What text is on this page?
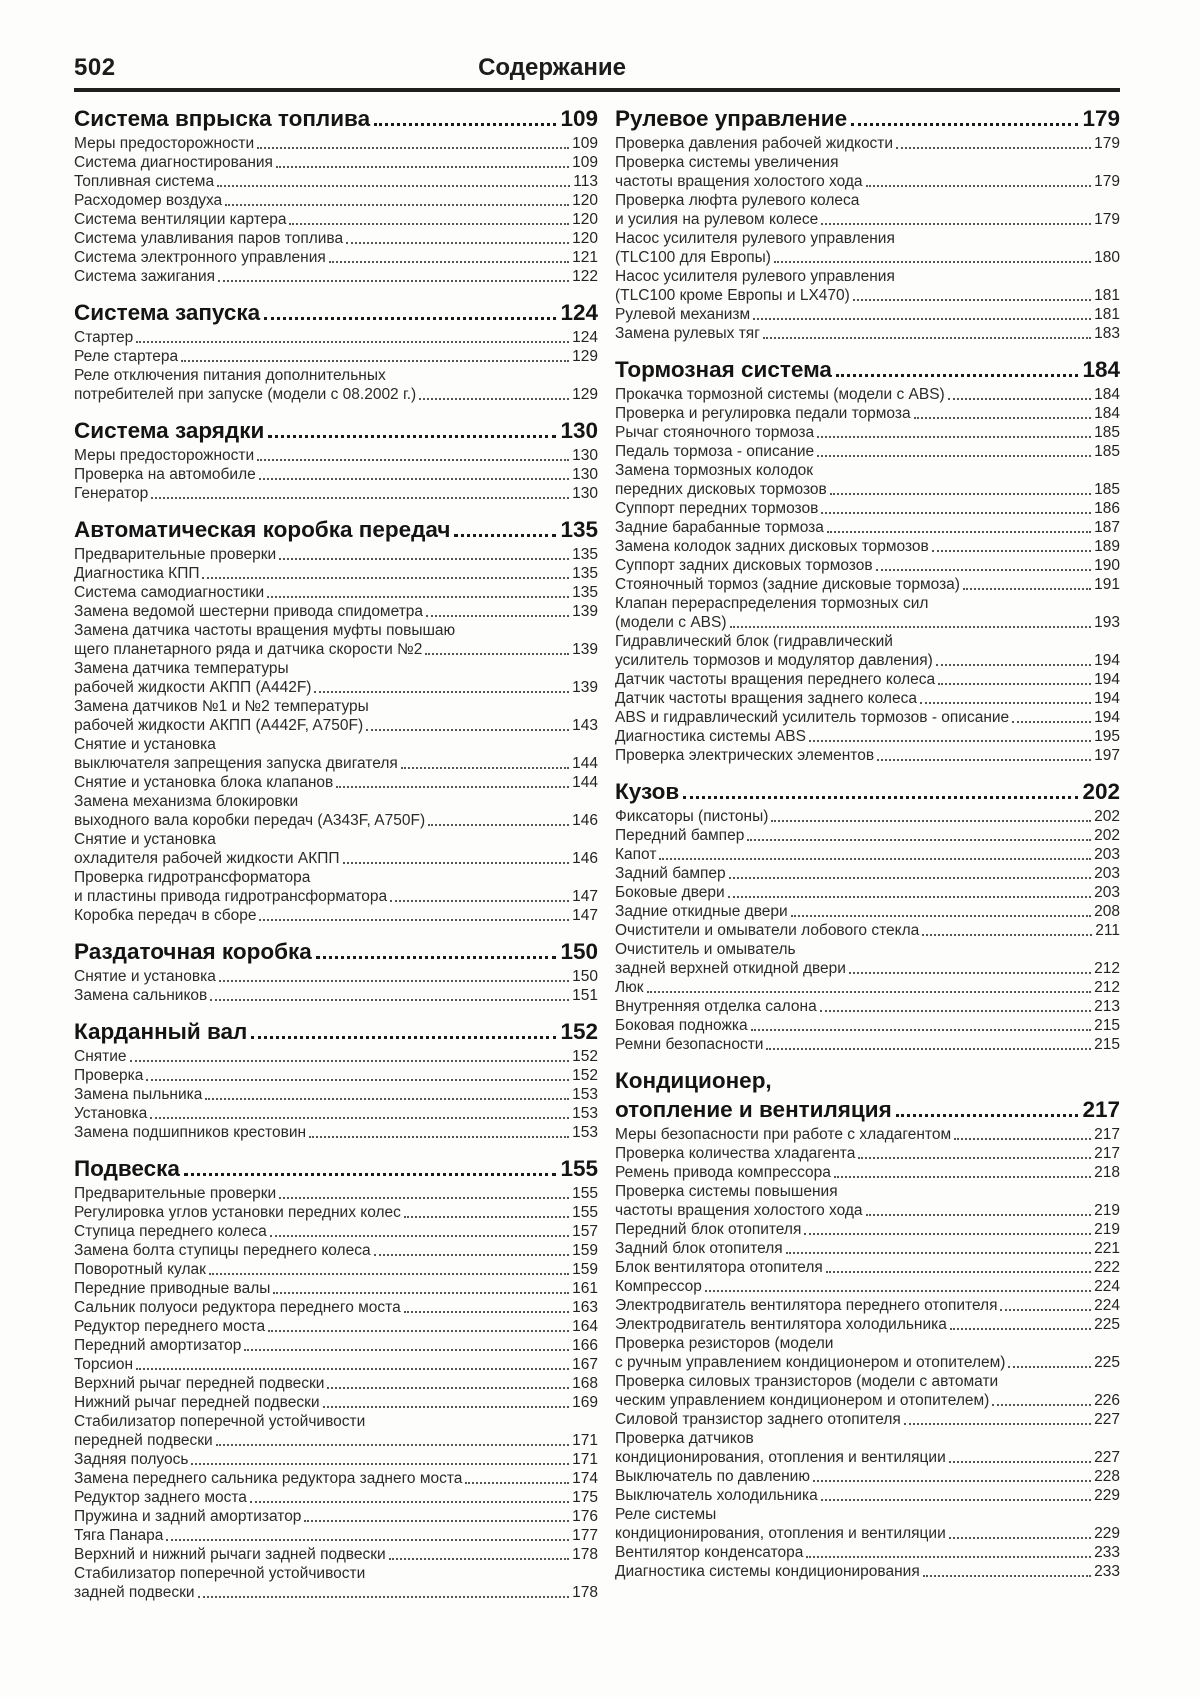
502	Содержание
Система впрыска топлива	109
Меры предосторожности	109
Система диагностирования	109
Топливная система	113
Расходомер воздуха	120
Система вентиляции картера	120
Система улавливания паров топлива	120
Система электронного управления	121
Система зажигания	122
Система запуска	124
Стартер	124
Реле стартера	129
Реле отключения питания дополнительных
потребителей при запуске (модели с 08.2002 г.)	129
Система зарядки	130
Меры предосторожности	130
Проверка на автомобиле	130
Генератор	130
Автоматическая коробка передач	135
Предварительные проверки	135
Диагностика КПП	135
Система самодиагностики	135
Замена ведомой шестерни привода спидометра	139
Замена датчика частоты вращения муфты повышаю
щего планетарного ряда и датчика скорости №2	139
Замена датчика температуры
рабочей жидкости АКПП (А442F)	139
Замена датчиков №1 и №2 температуры
рабочей жидкости АКПП (A442F, A750F)	143
Снятие и установка
выключателя запрещения запуска двигателя	144
Снятие и установка блока клапанов	144
Замена механизма блокировки
выходного вала коробки передач (A343F, A750F)	146
Снятие и установка
охладителя рабочей жидкости АКПП	146
Проверка гидротрансформатора
и пластины привода гидротрансформатора	147
Коробка передач в сборе	147
Раздаточная коробка	150
Снятие и установка	150
Замена сальников	151
Карданный вал	152
Снятие	152
Проверка	152
Замена пыльника	153
Установка	153
Замена подшипников крестовин	153
Подвеска	155
Предварительные проверки	155
Регулировка углов установки передних колес	155
Ступица переднего колеса	157
Замена болта ступицы переднего колеса	159
Поворотный кулак	159
Передние приводные валы	161
Сальник полуоси редуктора переднего моста	163
Редуктор переднего моста	164
Передний амортизатор	166
Торсион	167
Верхний рычаг передней подвески	168
Нижний рычаг передней подвески	169
Стабилизатор поперечной устойчивости
передней подвески	171
Задняя полуось	171
Замена переднего сальника редуктора заднего моста	174
Редуктор заднего моста	175
Пружина и задний амортизатор	176
Тяга Панара	177
Верхний и нижний рычаги задней подвески	178
Стабилизатор поперечной устойчивости
задней подвески	178
Рулевое управление	179
Проверка давления рабочей жидкости	179
Проверка системы увеличения
частоты вращения холостого хода	179
Проверка люфта рулевого колеса
и усилия на рулевом колесе	179
Насос усилителя рулевого управления
(TLC100 для Европы)	180
Насос усилителя рулевого управления
(TLC100 кроме Европы и LX470)	181
Рулевой механизм	181
Замена рулевых тяг	183
Тормозная система	184
Прокачка тормозной системы (модели с ABS)	184
Проверка и регулировка педали тормоза	184
Рычаг стояночного тормоза	185
Педаль тормоза - описание	185
Замена тормозных колодок
передних дисковых тормозов	185
Суппорт передних тормозов	186
Задние барабанные тормоза	187
Замена колодок задних дисковых тормозов	189
Суппорт задних дисковых тормозов	190
Стояночный тормоз (задние дисковые тормоза)	191
Клапан перераспределения тормозных сил
(модели с ABS)	193
Гидравлический блок (гидравлический
усилитель тормозов и модулятор давления)	194
Датчик частоты вращения переднего колеса	194
Датчик частоты вращения заднего колеса	194
ABS и гидравлический усилитель тормозов - описание	194
Диагностика системы ABS	195
Проверка электрических элементов	197
Кузов	202
Фиксаторы (пистоны)	202
Передний бампер	202
Капот	203
Задний бампер	203
Боковые двери	203
Задние откидные двери	208
Очистители и омыватели лобового стекла	211
Очиститель и омыватель
задней верхней откидной двери	212
Люк	212
Внутренняя отделка салона	213
Боковая подножка	215
Ремни безопасности	215
Кондиционер,
отопление и вентиляция	217
Меры безопасности при работе с хладагентом	217
Проверка количества хладагента	217
Ремень привода компрессора	218
Проверка системы повышения
частоты вращения холостого хода	219
Передний блок отопителя	219
Задний блок отопителя	221
Блок вентилятора отопителя	222
Компрессор	224
Электродвигатель вентилятора переднего отопителя	224
Электродвигатель вентилятора холодильника	225
Проверка резисторов (модели
с ручным управлением кондиционером и отопителем)	225
Проверка силовых транзисторов (модели с автомати
ческим управлением кондиционером и отопителем)	226
Силовой транзистор заднего отопителя	227
Проверка датчиков
кондиционирования, отопления и вентиляции	227
Выключатель по давлению	228
Выключатель холодильника	229
Реле системы
кондиционирования, отопления и вентиляции	229
Вентилятор конденсатора	233
Диагностика системы кондиционирования	233
